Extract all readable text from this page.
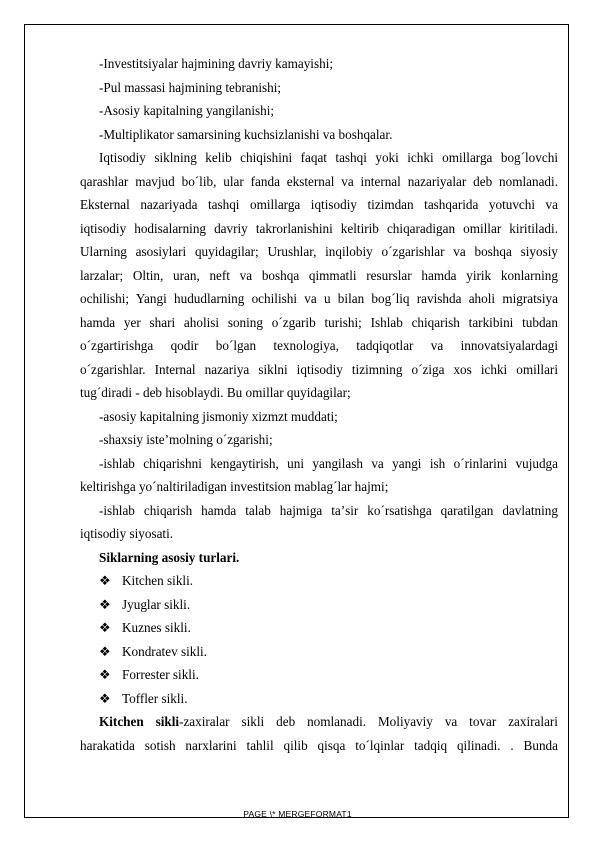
-Investitsiyalar hajmining davriy kamayishi;
-Pul massasi hajmining tebranishi;
-Asosiy kapitalning yangilanishi;
-Multiplikator samarsining kuchsizlanishi va boshqalar.
Iqtisodiy siklning kelib chiqishini faqat tashqi yoki ichki omillarga bog´lovchi
qarashlar mavjud bo´lib, ular fanda eksternal va internal nazariyalar deb nomlanadi.
Eksternal nazariyada tashqi omillarga iqtisodiy tizimdan tashqarida yotuvchi va
iqtisodiy hodisalarning davriy takrorlanishini keltirib chiqaradigan omillar kiritiladi.
Ularning asosiylari quyidagilar; Urushlar, inqilobiy o´zgarishlar va boshqa siyosiy
larzalar; Oltin, uran, neft va boshqa qimmatli resurslar hamda yirik konlarning
ochilishi; Yangi hududlarning ochilishi va u bilan bog´liq ravishda aholi migratsiya
hamda yer shari aholisi soning o´zgarib turishi; Ishlab chiqarish tarkibini tubdan
o´zgartirishga qodir bo´lgan texnologiya, tadqiqotlar va innovatsiyalardagi
o´zgarishlar. Internal nazariya siklni iqtisodiy tizimning o´ziga xos ichki omillari
tug´diradi - deb hisoblaydi. Bu omillar quyidagilar;
-asosiy kapitalning jismoniy xizmzt muddati;
-shaxsiy isteʼmolning o´zgarishi;
-ishlab chiqarishni kengaytirish, uni yangilash va yangi ish o´rinlarini vujudga
keltirishga yo´naltiriladigan investitsion mablag´lar hajmi;
-ishlab chiqarish hamda talab hajmiga taʼsir ko´rsatishga qaratilgan davlatning
iqtisodiy siyosati.
Siklarning asosiy turlari.
❖ Kitchen sikli.
❖ Jyuglar sikli.
❖ Kuznes sikli.
❖ Kondratev sikli.
❖ Forrester sikli.
❖ Toffler sikli.
Kitchen sikli-zaxiralar sikli deb nomlanadi. Moliyaviy va tovar zaxiralari
harakatida sotish narxlarini tahlil qilib qisqa to´lqinlar tadqiq qilinadi. . Bunda
PAGE \* MERGEFORMAT1
